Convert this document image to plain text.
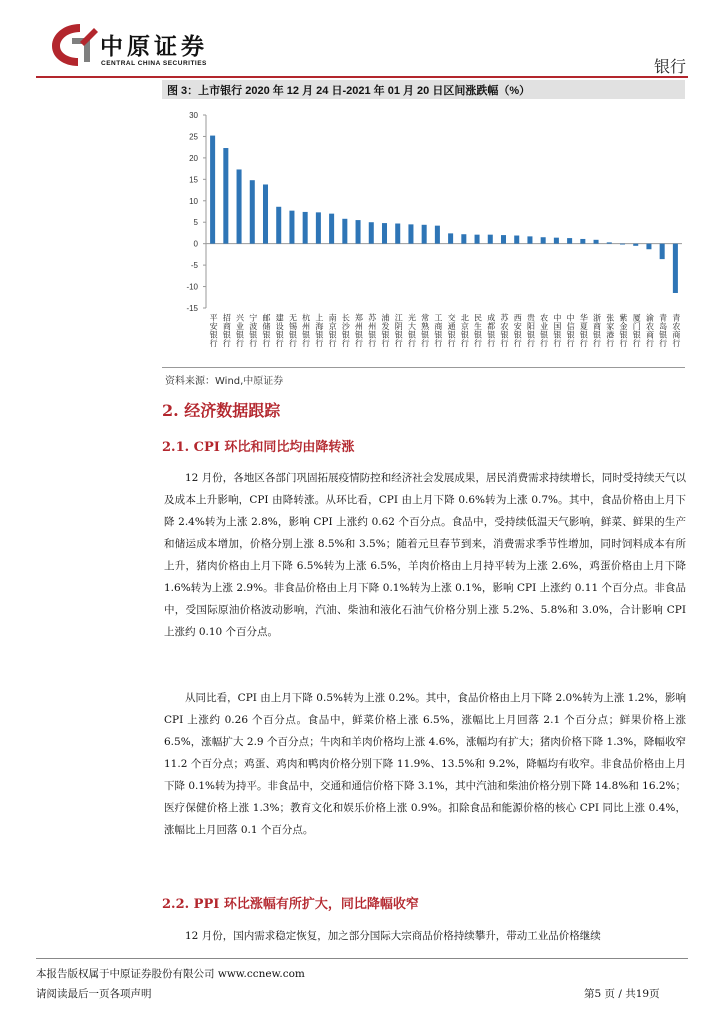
中原证券
CENTRAL CHINA SECURITIES	银行
图 3：上市银行 2020 年 12 月 24 日-2021 年 01 月 20 日区间涨跌幅（%）
30
25
20
15
10
5
0
-5
-10
-15
平安银行
招商银行
兴业银行
宁波银行
邮储银行
建设银行
无锡银行
杭州银行
上海银行
南京银行
长沙银行
郑州银行
苏州银行
浦发银行
江阴银行
光大银行
常熟银行
工商银行
交通银行
北京银行
民生银行
成都银行
苏农银行
西安银行
贵阳银行
农业银行
中国银行
中信银行
华夏银行
浙商银行
张家港行
紫金银行
厦门银行
渝农商行
青岛银行
青农商行
资料来源：Wind,中原证券
2. 经济数据跟踪
2.1. CPI 环比和同比均由降转涨
12 月份，各地区各部门巩固拓展疫情防控和经济社会发展成果，居民消费需求持续增长，同时受持续天气以及成本上升影响，CPI 由降转涨。从环比看，CPI 由上月下降 0.6%转为上涨 0.7%。其中，食品价格由上月下降 2.4%转为上涨 2.8%，影响 CPI 上涨约 0.62 个百分点。食品中，受持续低温天气影响，鲜菜、鲜果的生产和储运成本增加，价格分别上涨 8.5%和 3.5%；随着元旦春节到来，消费需求季节性增加，同时饲料成本有所上升，猪肉价格由上月下降 6.5%转为上涨 6.5%，羊肉价格由上月持平转为上涨 2.6%，鸡蛋价格由上月下降 1.6%转为上涨 2.9%。非食品价格由上月下降 0.1%转为上涨 0.1%，影响 CPI 上涨约 0.11 个百分点。非食品中，受国际原油价格波动影响，汽油、柴油和液化石油气价格分别上涨 5.2%、5.8%和 3.0%，合计影响 CPI 上涨约 0.10 个百分点。
从同比看，CPI 由上月下降 0.5%转为上涨 0.2%。其中，食品价格由上月下降 2.0%转为上涨 1.2%，影响 CPI 上涨约 0.26 个百分点。食品中，鲜菜价格上涨 6.5%，涨幅比上月回落 2.1 个百分点；鲜果价格上涨 6.5%，涨幅扩大 2.9 个百分点；牛肉和羊肉价格均上涨 4.6%，涨幅均有扩大；猪肉价格下降 1.3%，降幅收窄 11.2 个百分点；鸡蛋、鸡肉和鸭肉价格分别下降 11.9%、13.5%和 9.2%，降幅均有收窄。非食品价格由上月下降 0.1%转为持平。非食品中，交通和通信价格下降 3.1%，其中汽油和柴油价格分别下降 14.8%和 16.2%；医疗保健价格上涨 1.3%；教育文化和娱乐价格上涨 0.9%。扣除食品和能源价格的核心 CPI 同比上涨 0.4%，涨幅比上月回落 0.1 个百分点。
2.2. PPI 环比涨幅有所扩大，同比降幅收窄
12 月份，国内需求稳定恢复，加之部分国际大宗商品价格持续攀升，带动工业品价格继续
本报告版权属于中原证券股份有限公司 www.ccnew.com
请阅读最后一页各项声明	第5 页 / 共19页
